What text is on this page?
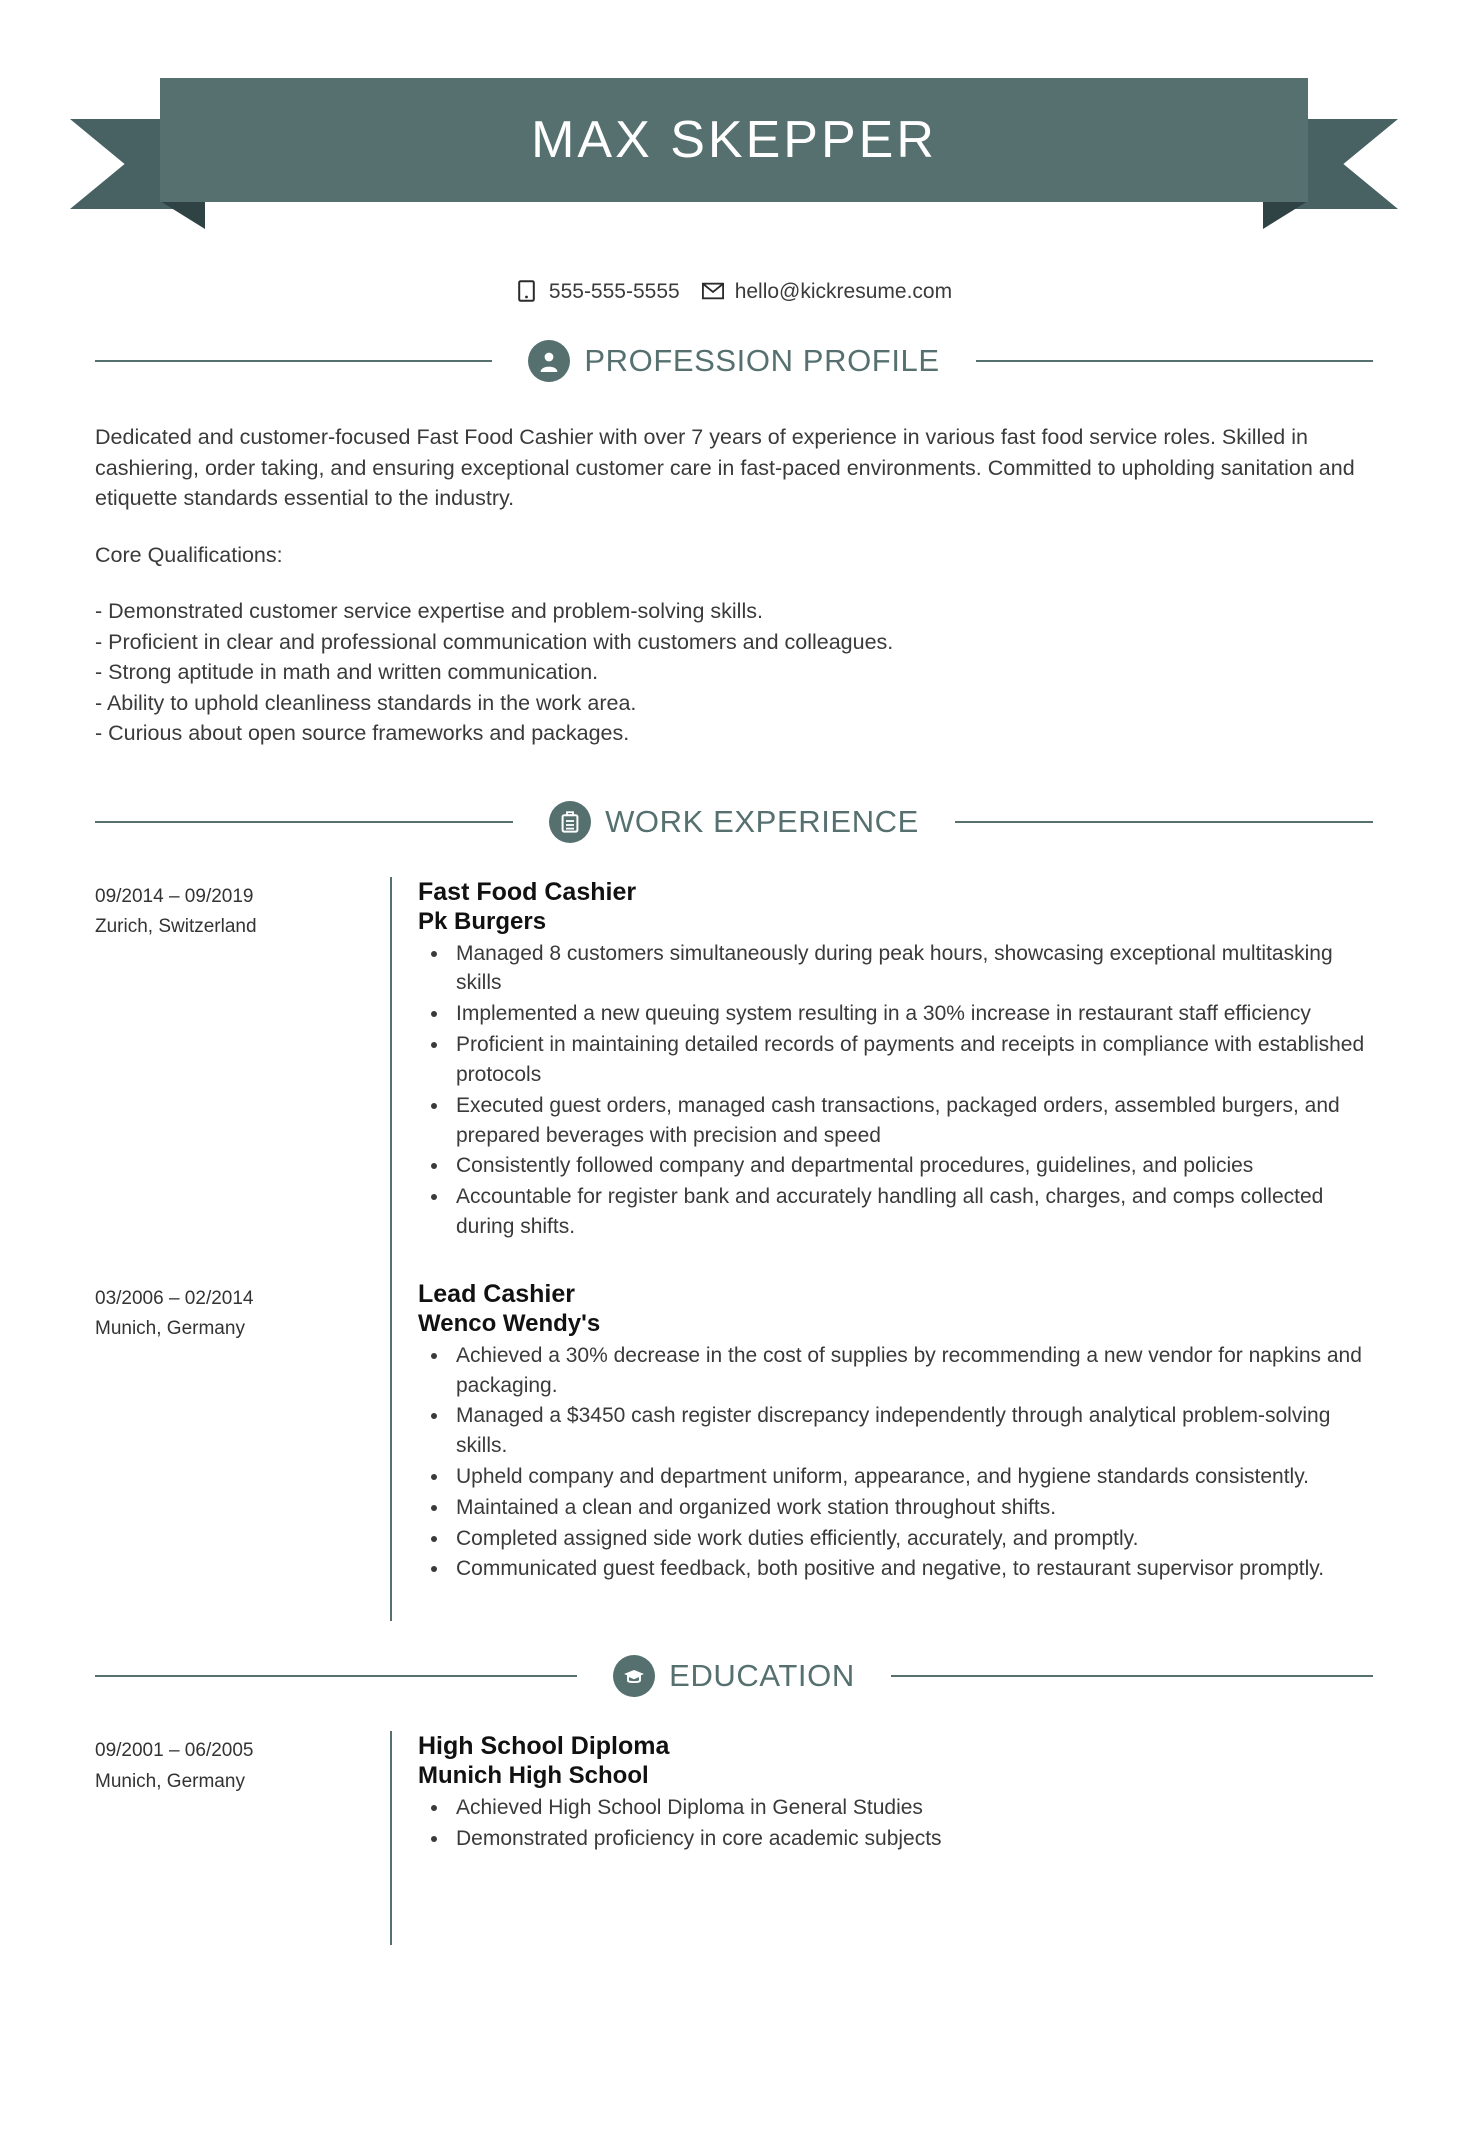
MAX SKEPPER
555-555-5555	hello@kickresume.com
PROFESSION PROFILE

Dedicated and customer-focused Fast Food Cashier with over 7 years of experience in various fast food service roles. Skilled in cashiering, order taking, and ensuring exceptional customer care in fast-paced environments. Committed to upholding sanitation and etiquette standards essential to the industry.

Core Qualifications:

- Demonstrated customer service expertise and problem-solving skills.
- Proficient in clear and professional communication with customers and colleagues.
- Strong aptitude in math and written communication.
- Ability to uphold cleanliness standards in the work area.
- Curious about open source frameworks and packages.
WORK EXPERIENCE
09/2014 – 09/2019
Zurich, Switzerland
Fast Food Cashier
Pk Burgers
• Managed 8 customers simultaneously during peak hours, showcasing exceptional multitasking skills
• Implemented a new queuing system resulting in a 30% increase in restaurant staff efficiency
• Proficient in maintaining detailed records of payments and receipts in compliance with established protocols
• Executed guest orders, managed cash transactions, packaged orders, assembled burgers, and prepared beverages with precision and speed
• Consistently followed company and departmental procedures, guidelines, and policies
• Accountable for register bank and accurately handling all cash, charges, and comps collected during shifts.
03/2006 – 02/2014
Munich, Germany
Lead Cashier
Wenco Wendy's
• Achieved a 30% decrease in the cost of supplies by recommending a new vendor for napkins and packaging.
• Managed a $3450 cash register discrepancy independently through analytical problem-solving skills.
• Upheld company and department uniform, appearance, and hygiene standards consistently.
• Maintained a clean and organized work station throughout shifts.
• Completed assigned side work duties efficiently, accurately, and promptly.
• Communicated guest feedback, both positive and negative, to restaurant supervisor promptly.
EDUCATION
09/2001 – 06/2005
Munich, Germany
High School Diploma
Munich High School
• Achieved High School Diploma in General Studies
• Demonstrated proficiency in core academic subjects
